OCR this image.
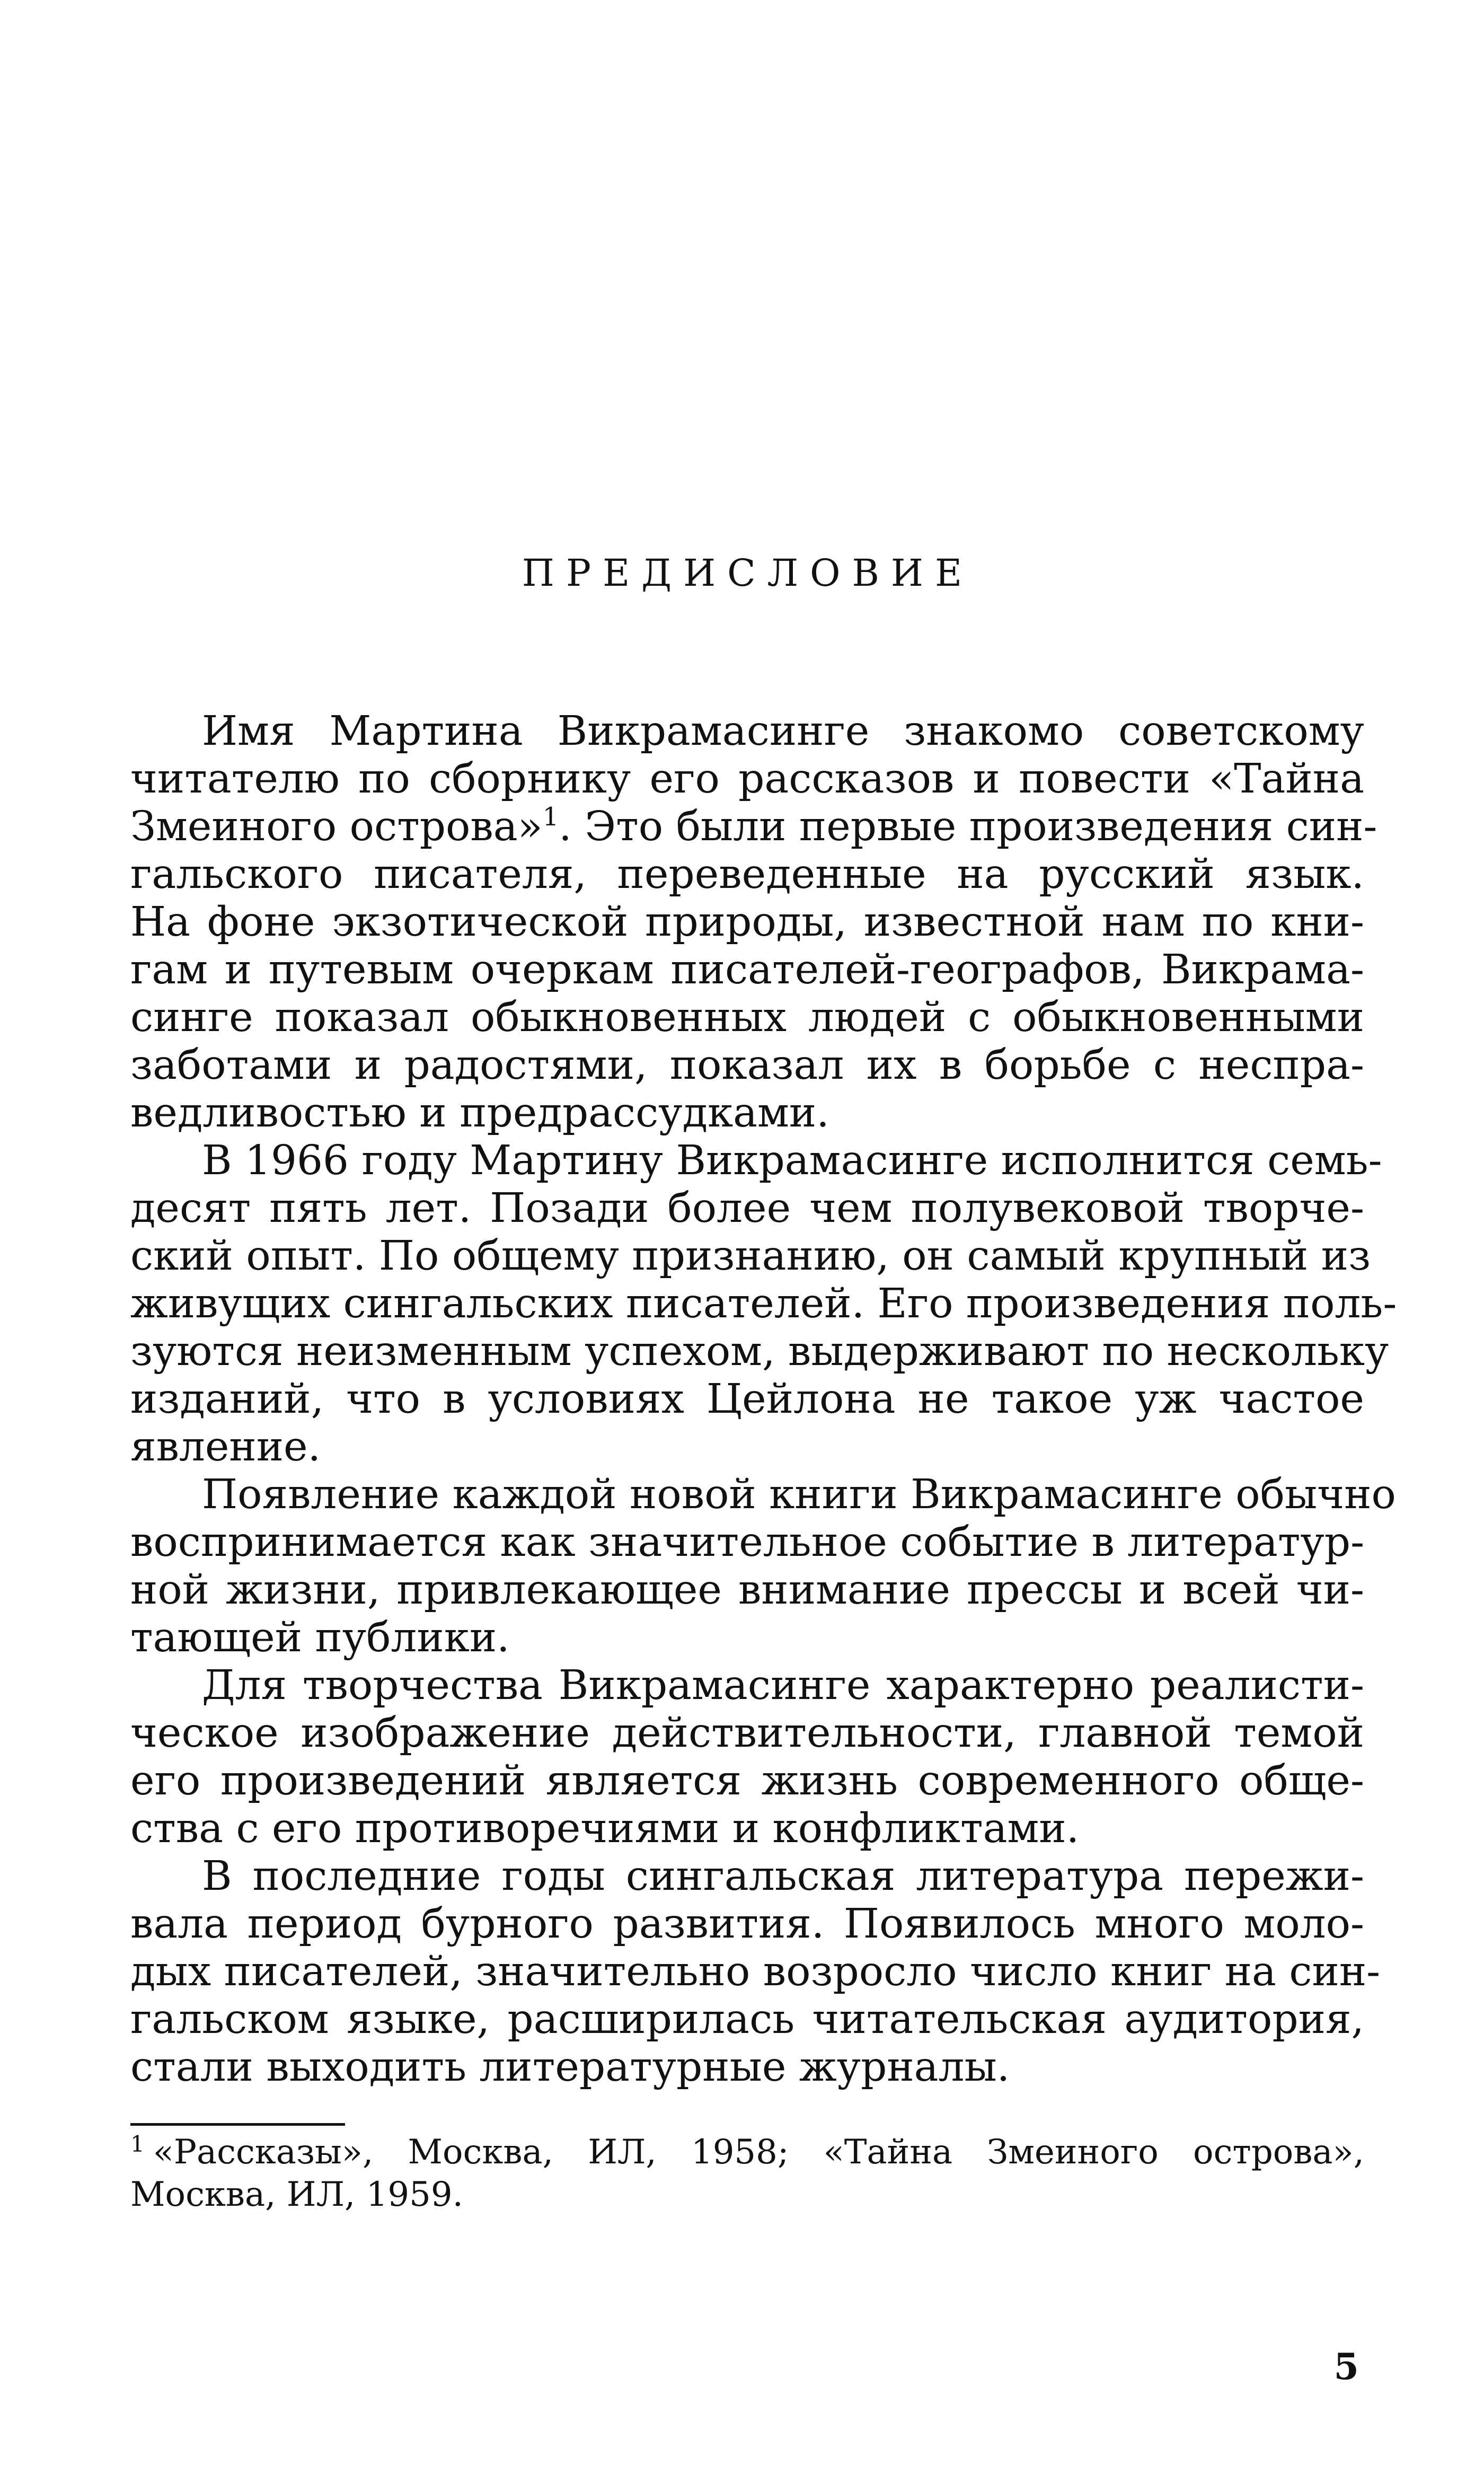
ПРЕДИСЛОВИЕ

Имя Мартина Викрамасинге знакомо советскому
читателю по сборнику его рассказов и повести «Тайна
Змеиного острова»$^1$. Это были первые произведения син-
гальского писателя, переведенные на русский язык.
На фоне экзотической природы, известной нам по кни-
гам и путевым очеркам писателей-географов, Викрама-
синге показал обыкновенных людей с обыкновенными
заботами и радостями, показал их в борьбе с неспра-
ведливостью и предрассудками.

В 1966 году Мартину Викрамасинге исполнится семь-
десят пять лет. Позади более чем полувековой творче-
ский опыт. По общему признанию, он самый крупный из
живущих сингальских писателей. Его произведения поль-
зуются неизменным успехом, выдерживают по нескольку
изданий, что в условиях Цейлона не такое уж частое
явление.

Появление каждой новой книги Викрамасинге обычно
воспринимается как значительное событие в литератур-
ной жизни, привлекающее внимание прессы и всей чи-
тающей публики.

Для творчества Викрамасинге характерно реалисти-
ческое изображение действительности, главной темой
его произведений является жизнь современного обще-
ства с его противоречиями и конфликтами.

В последние годы сингальская литература пережи-
вала период бурного развития. Появилось много моло-
дых писателей, значительно возросло число книг на син-
гальском языке, расширилась читательская аудитория,
стали выходить литературные журналы.

$^1$ «Рассказы», Москва, ИЛ, 1958; «Тайна Змеиного острова»,
Москва, ИЛ, 1959.
5
